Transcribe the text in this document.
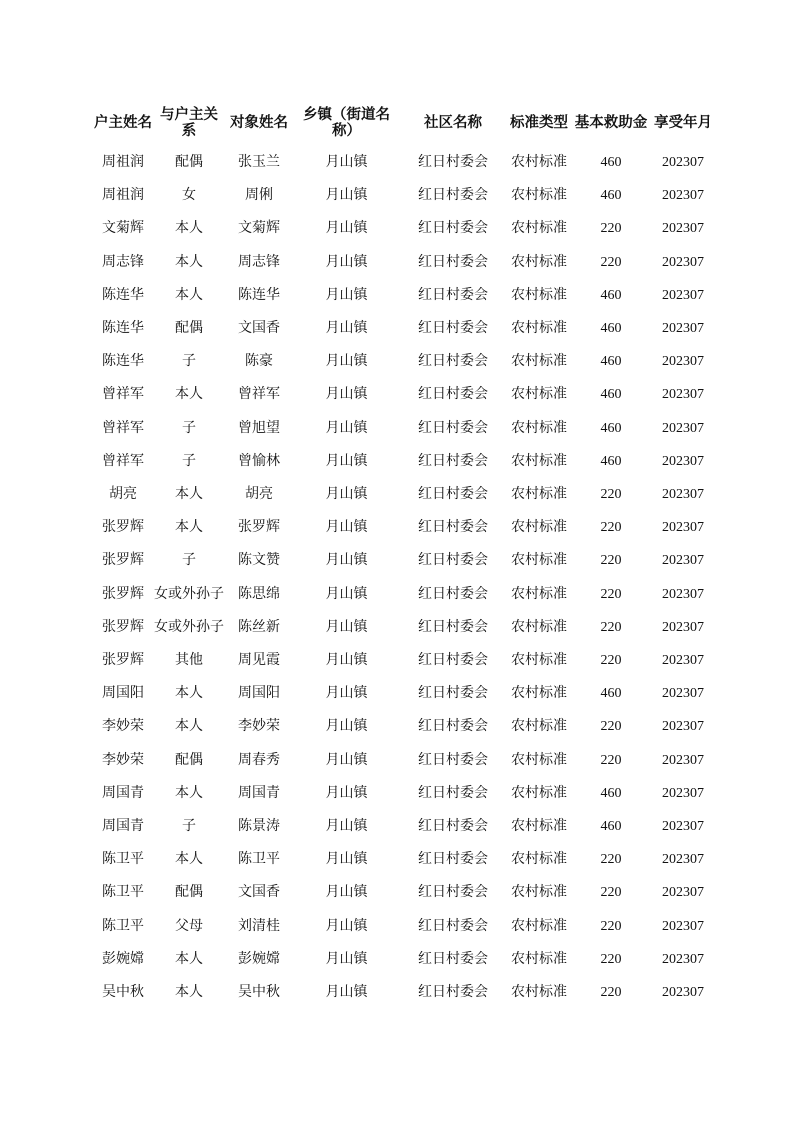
户主姓名	与户主关系	对象姓名	乡镇（街道名称）	社区名称	标准类型	基本救助金	享受年月
周祖润	配偶	张玉兰	月山镇	红日村委会	农村标准	460	202307
周祖润	女	周俐	月山镇	红日村委会	农村标准	460	202307
文菊辉	本人	文菊辉	月山镇	红日村委会	农村标准	220	202307
周志锋	本人	周志锋	月山镇	红日村委会	农村标准	220	202307
陈连华	本人	陈连华	月山镇	红日村委会	农村标准	460	202307
陈连华	配偶	文国香	月山镇	红日村委会	农村标准	460	202307
陈连华	子	陈豪	月山镇	红日村委会	农村标准	460	202307
曾祥军	本人	曾祥军	月山镇	红日村委会	农村标准	460	202307
曾祥军	子	曾旭望	月山镇	红日村委会	农村标准	460	202307
曾祥军	子	曾愉林	月山镇	红日村委会	农村标准	460	202307
胡亮	本人	胡亮	月山镇	红日村委会	农村标准	220	202307
张罗辉	本人	张罗辉	月山镇	红日村委会	农村标准	220	202307
张罗辉	子	陈文赞	月山镇	红日村委会	农村标准	220	202307
张罗辉	女或外孙子	陈思绵	月山镇	红日村委会	农村标准	220	202307
张罗辉	女或外孙子	陈丝新	月山镇	红日村委会	农村标准	220	202307
张罗辉	其他	周见霞	月山镇	红日村委会	农村标准	220	202307
周国阳	本人	周国阳	月山镇	红日村委会	农村标准	460	202307
李妙荣	本人	李妙荣	月山镇	红日村委会	农村标准	220	202307
李妙荣	配偶	周春秀	月山镇	红日村委会	农村标准	220	202307
周国青	本人	周国青	月山镇	红日村委会	农村标准	460	202307
周国青	子	陈景涛	月山镇	红日村委会	农村标准	460	202307
陈卫平	本人	陈卫平	月山镇	红日村委会	农村标准	220	202307
陈卫平	配偶	文国香	月山镇	红日村委会	农村标准	220	202307
陈卫平	父母	刘清桂	月山镇	红日村委会	农村标准	220	202307
彭婉嫦	本人	彭婉嫦	月山镇	红日村委会	农村标准	220	202307
吴中秋	本人	吴中秋	月山镇	红日村委会	农村标准	220	202307
